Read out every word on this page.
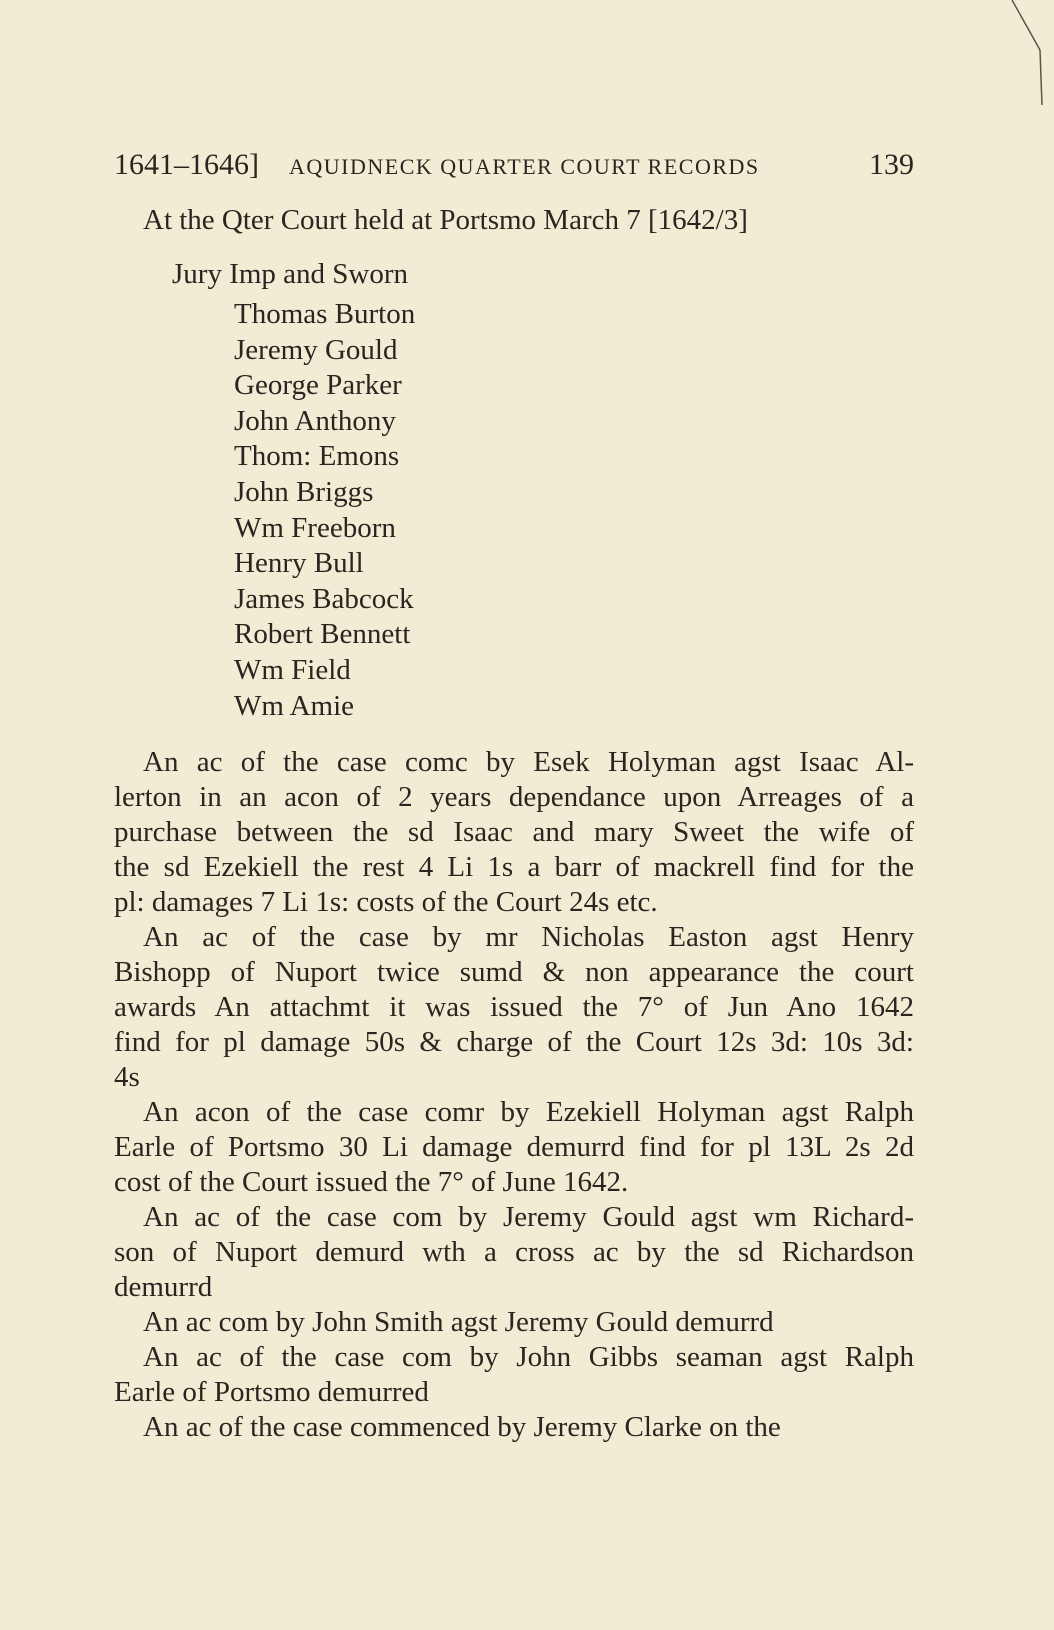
1641–1646] AQUIDNECK QUARTER COURT RECORDS	139
At the Qter Court held at Portsmo March 7 [1642/3]
Jury Imp and Sworn
Thomas Burton
Jeremy Gould
George Parker
John Anthony
Thom: Emons
John Briggs
Wm Freeborn
Henry Bull
James Babcock
Robert Bennett
Wm Field
Wm Amie
An ac of the case comc by Esek Holyman agst Isaac Al-
lerton in an acon of 2 years dependance upon Arreages of a
purchase between the sd Isaac and mary Sweet the wife of
the sd Ezekiell the rest 4 Li 1s a barr of mackrell find for the
pl: damages 7 Li 1s: costs of the Court 24s etc.
An ac of the case by mr Nicholas Easton agst Henry
Bishopp of Nuport twice sumd & non appearance the court
awards An attachmt it was issued the 7° of Jun Ano 1642
find for pl damage 50s & charge of the Court 12s 3d: 10s 3d:
4s
An acon of the case comr by Ezekiell Holyman agst Ralph
Earle of Portsmo 30 Li damage demurrd find for pl 13L 2s 2d
cost of the Court issued the 7° of June 1642.
An ac of the case com by Jeremy Gould agst wm Richard-
son of Nuport demurd wth a cross ac by the sd Richardson
demurrd
An ac com by John Smith agst Jeremy Gould demurrd
An ac of the case com by John Gibbs seaman agst Ralph
Earle of Portsmo demurred
An ac of the case commenced by Jeremy Clarke on the
